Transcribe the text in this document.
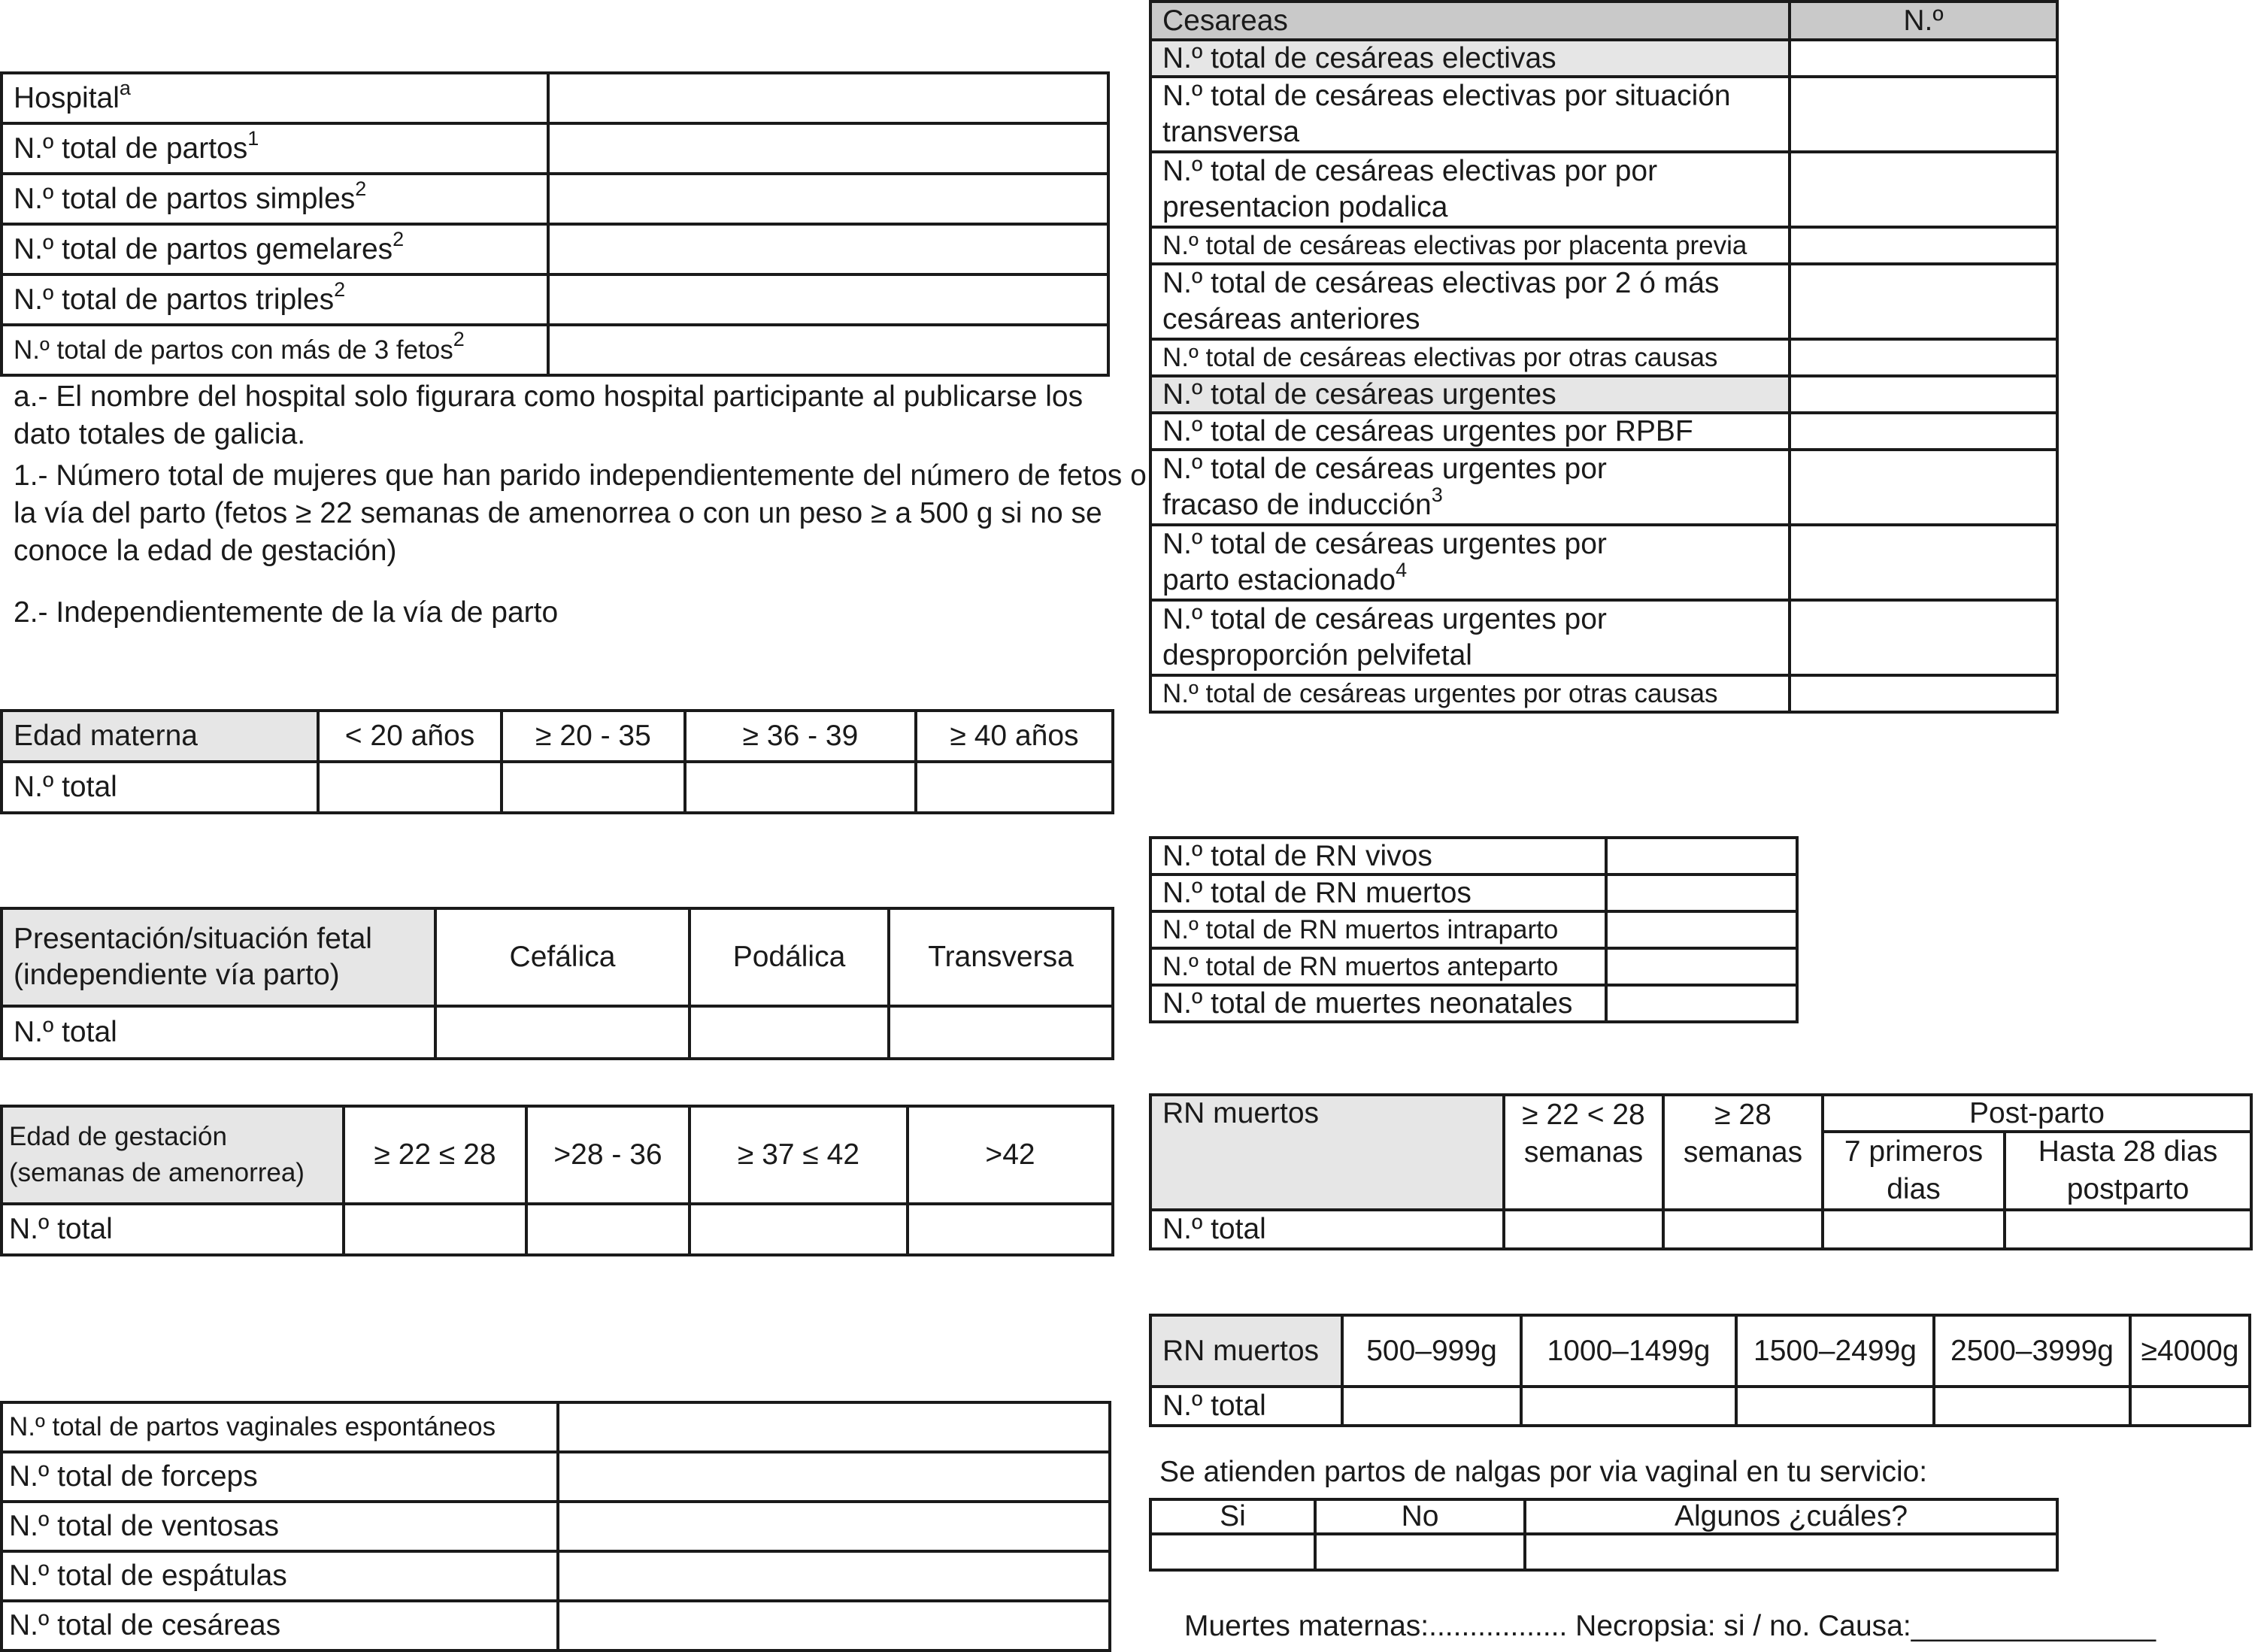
Hospital$^a$	
N.º total de partos$^1$	
N.º total de partos simples$^2$	
N.º total de partos gemelares$^2$	
N.º total de partos triples$^2$	
N.º total de partos con más de 3 fetos$^2$	
a.- El nombre del hospital solo figurara como hospital participante al publicarse los dato totales de galicia.
1.- Número total de mujeres que han parido independientemente del número de fetos o la vía del parto (fetos ≥ 22 semanas de amenorrea o con un peso ≥ a 500 g si no se conoce la edad de gestación)
2.- Independientemente de la vía de parto
Edad materna	< 20 años	≥ 20 - 35	≥ 36 - 39	≥ 40 años
N.º total				
Presentación/situación fetal (independiente vía parto)	Cefálica	Podálica	Transversa
N.º total			
Edad de gestación (semanas de amenorrea)	≥ 22 ≤ 28	>28 - 36	≥ 37 ≤ 42	>42
N.º total				
N.º total de partos vaginales espontáneos	
N.º total de forceps	
N.º total de ventosas	
N.º total de espátulas	
N.º total de cesáreas	
Cesareas	N.º
N.º total de cesáreas electivas	
N.º total de cesáreas electivas por situación transversa	
N.º total de cesáreas electivas por por presentacion podalica	
N.º total de cesáreas electivas por placenta previa	
N.º total de cesáreas electivas por 2 ó más cesáreas anteriores	
N.º total de cesáreas electivas por otras causas	
N.º total de cesáreas urgentes	
N.º total de cesáreas urgentes por RPBF	
N.º total de cesáreas urgentes por fracaso de inducción$^3$	
N.º total de cesáreas urgentes por parto estacionado$^4$	
N.º total de cesáreas urgentes por desproporción pelvifetal	
N.º total de cesáreas urgentes por otras causas	
N.º total de RN vivos	
N.º total de RN muertos	
N.º total de RN muertos intraparto	
N.º total de RN muertos anteparto	
N.º total de muertes neonatales	
RN muertos	≥ 22 < 28 semanas	≥ 28 semanas	Post-parto	
			7 primeros dias	Hasta 28 dias postparto
N.º total				
RN muertos	500–999g	1000–1499g	1500–2499g	2500–3999g	≥4000g
N.º total					
Se atienden partos de nalgas por via vaginal en tu servicio:
Si	No	Algunos ¿cuáles?

Muertes maternas:................. Necropsia: si / no. Causa:_______________
